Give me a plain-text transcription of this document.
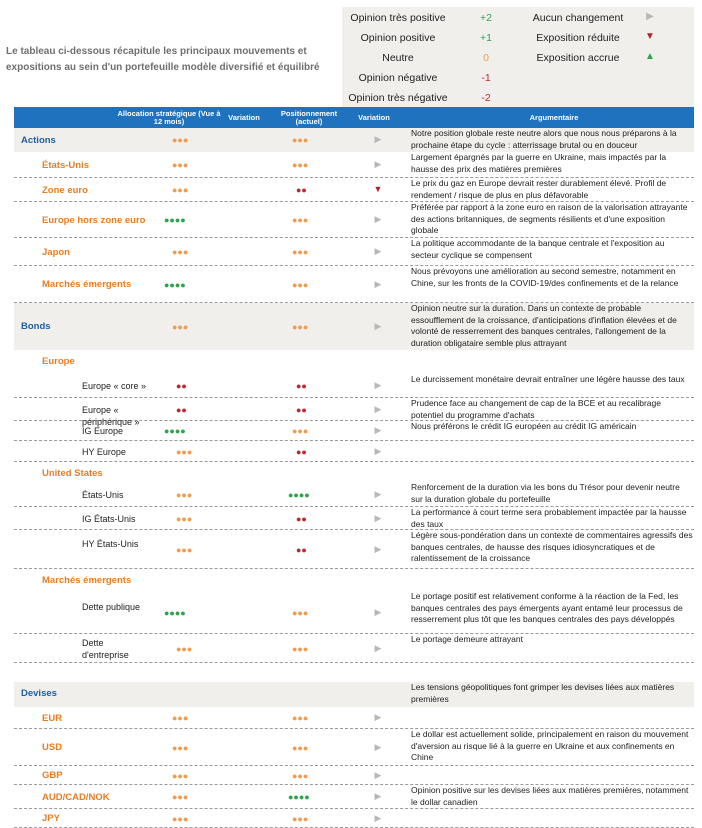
Le tableau ci-dessous récapitule les principaux mouvements et expositions au sein d'un portefeuille modèle diversifié et équilibré
Opinion très positive	+2	Aucun changement	▶
Opinion positive	+1	Exposition réduite	▼
Neutre	0	Exposition accrue	▲
Opinion négative	-1
Opinion très négative	-2
Allocation stratégique (Vue à 12 mois)	Variation	Positionnement (actuel)	Variation	Argumentaire
Actions	●●●	●●●	▶
Notre position globale reste neutre alors que nous nous préparons à la prochaine étape du cycle : atterrissage brutal ou en douceur
États-Unis	●●●	●●●	▶
Largement épargnés par la guerre en Ukraine, mais impactés par la hausse des prix des matières premières
Zone euro	●●●	●●	▼
Le prix du gaz en Europe devrait rester durablement élevé. Profil de rendement / risque de plus en plus défavorable
Europe hors zone euro ●●●●	●●●	▶
Préférée par rapport à la zone euro en raison de la valorisation attrayante des actions britanniques, de segments résilients et d'une exposition globale
Japon	●●●	●●●	▶
La politique accommodante de la banque centrale et l'exposition au secteur cyclique se compensent
Marchés émergents	●●●●	●●●	▶
Nous prévoyons une amélioration au second semestre, notamment en Chine, sur les fronts de la COVID-19/des confinements et de la relance
Bonds	●●●	●●●	▶
Opinion neutre sur la duration. Dans un contexte de probable essoufflement de la croissance, d'anticipations d'inflation élevées et de volonté de resserrement des banques centrales, l'allongement de la duration obligataire semble plus attrayant
Europe
Europe « core »	●●	●●	▶
Le durcissement monétaire devrait entraîner une légère hausse des taux
Europe « périphérique »
●●	●●	▶
Prudence face au changement de cap de la BCE et au recalibrage potentiel du programme d'achats
IG Europe	●●●●	●●●	▶	Nous préférons le crédit IG européen au crédit IG américain
HY Europe	●●●	●●	▶
United States
États-Unis	●●●	●●●●	▶
Renforcement de la duration via les bons du Trésor pour devenir neutre sur la duration globale du portefeuille
IG États-Unis	●●●	●●	▶
La performance à court terme sera probablement impactée par la hausse des taux
HY États-Unis
●●●	●●	▶
Légère sous-pondération dans un contexte de commentaires agressifs des banques centrales, de hausse des risques idiosyncratiques et de ralentissement de la croissance
Marchés émergents
Dette publique
●●●●	●●●	▶
Le portage positif est relativement conforme à la réaction de la Fed, les banques centrales des pays émergents ayant entamé leur processus de resserrement plus tôt que les banques centrales des pays développés
Dette d'entreprise
●●●	●●●	▶
Le portage demeure attrayant
Devises
Les tensions géopolitiques font grimper les devises liées aux matières premières
EUR	●●●	●●●	▶
USD	●●●	●●●	▶
Le dollar est actuellement solide, principalement en raison du mouvement d'aversion au risque lié à la guerre en Ukraine et aux confinements en Chine
GBP	●●●	●●●	▶
AUD/CAD/NOK	●●●	●●●●	▶
Opinion positive sur les devises liées aux matières premières, notamment le dollar canadien
JPY	●●●	●●●	▶
